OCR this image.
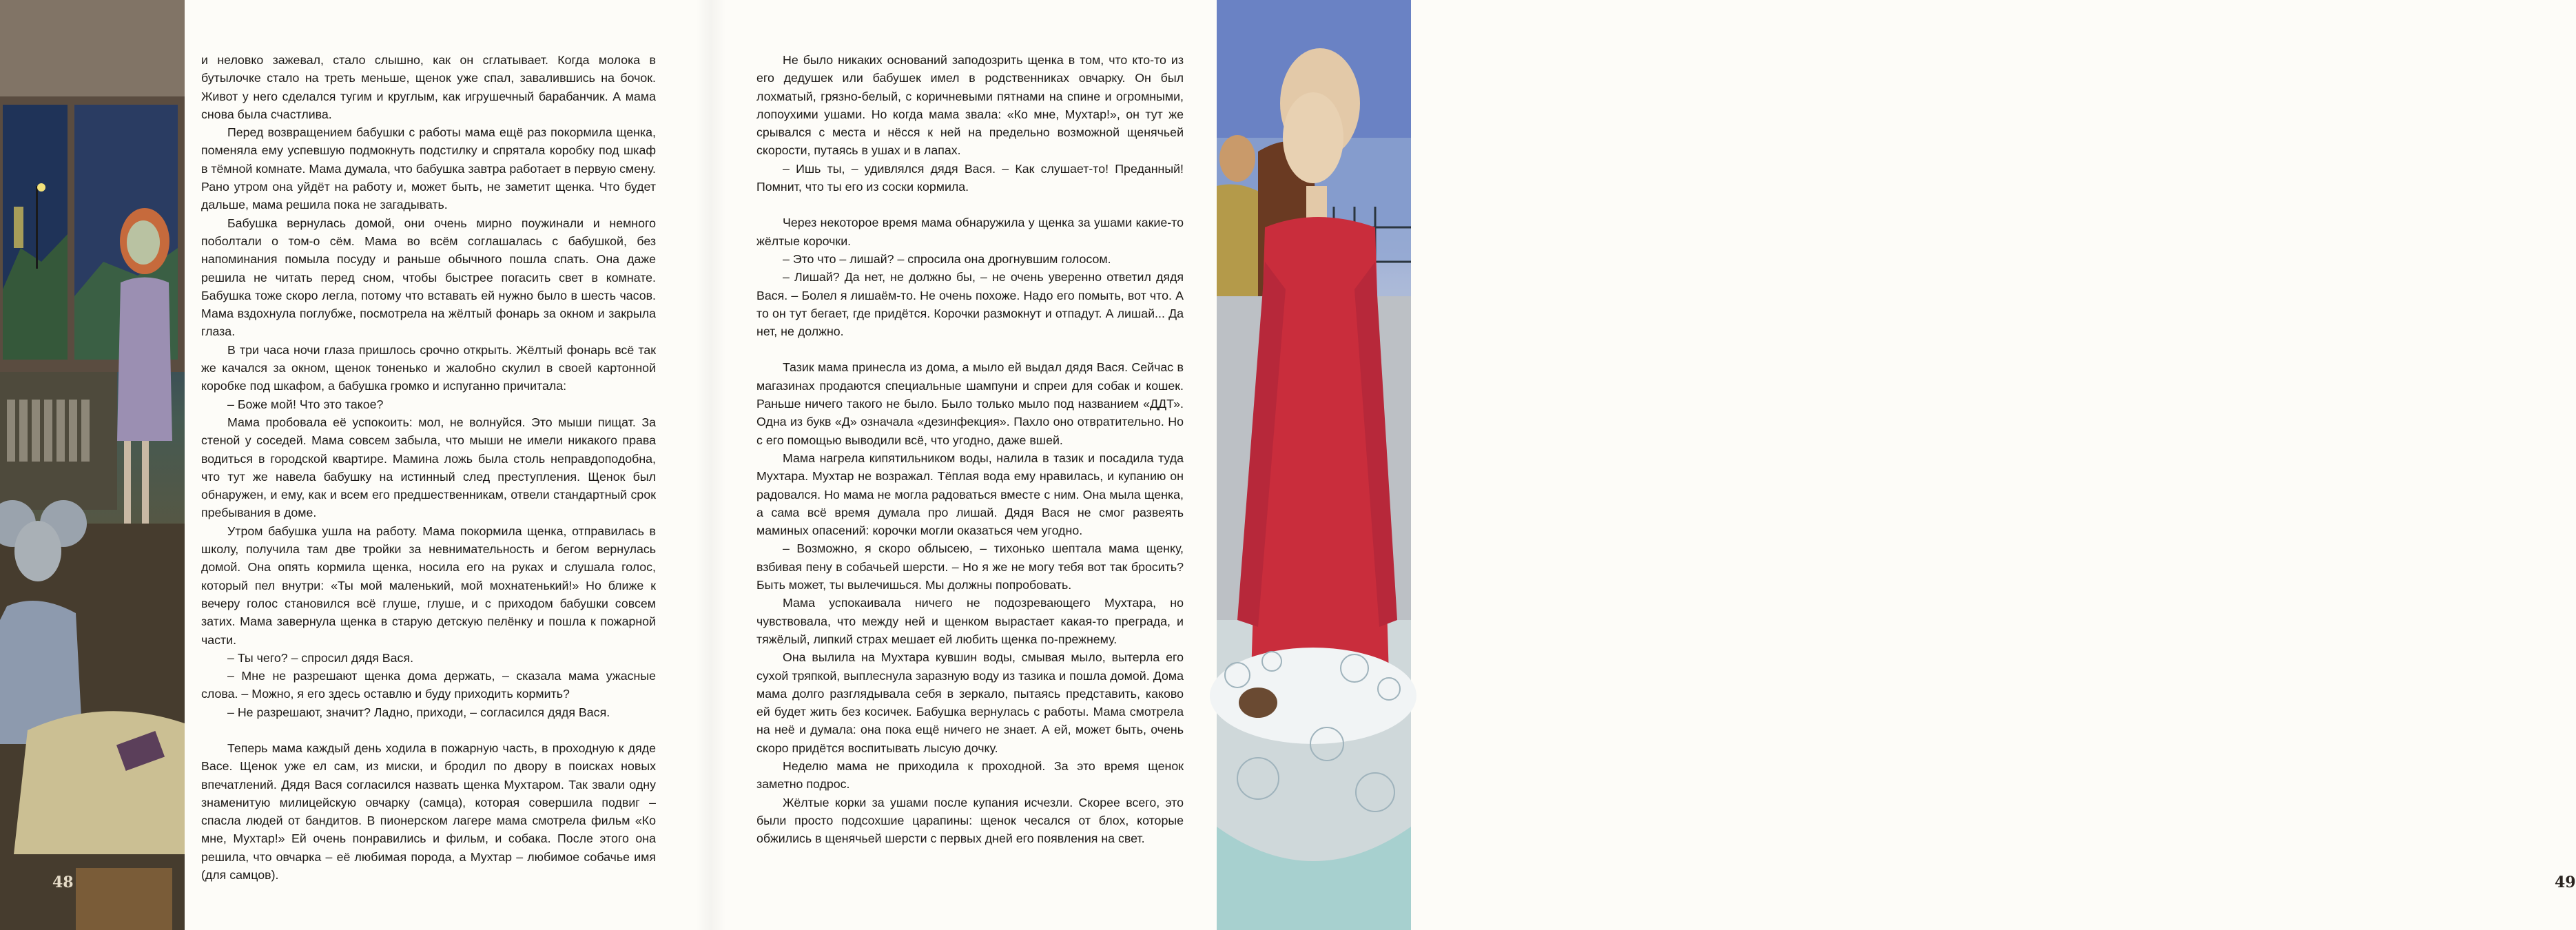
48

и неловко зажевал, стало слышно, как он сглатывает. Когда молока в бутылочке стало на треть меньше, щенок уже спал, завалившись на бочок. Живот у него сделался тугим и круглым, как игрушечный барабанчик. А мама снова была счастлива.

Перед возвращением бабушки с работы мама ещё раз покормила щенка, поменяла ему успевшую подмокнуть подстилку и спрятала коробку под шкаф в тёмной комнате. Мама думала, что бабушка завтра работает в первую смену. Рано утром она уйдёт на работу и, может быть, не заметит щенка. Что будет дальше, мама решила пока не загадывать.

Бабушка вернулась домой, они очень мирно поужинали и немного поболтали о том-о сём. Мама во всём соглашалась с бабушкой, без напоминания помыла посуду и раньше обычного пошла спать. Она даже решила не читать перед сном, чтобы быстрее погасить свет в комнате. Бабушка тоже скоро легла, потому что вставать ей нужно было в шесть часов. Мама вздохнула поглубже, посмотрела на жёлтый фонарь за окном и закрыла глаза.

В три часа ночи глаза пришлось срочно открыть. Жёлтый фонарь всё так же качался за окном, щенок тоненько и жалобно скулил в своей картонной коробке под шкафом, а бабушка громко и испуганно причитала:

– Боже мой! Что это такое?

Мама пробовала её успокоить: мол, не волнуйся. Это мыши пищат. За стеной у соседей. Мама совсем забыла, что мыши не имели никакого права водиться в городской квартире. Мамина ложь была столь неправдоподобна, что тут же навела бабушку на истинный след преступления. Щенок был обнаружен, и ему, как и всем его предшественникам, отвели стандартный срок пребывания в доме.

Утром бабушка ушла на работу. Мама покормила щенка, отправилась в школу, получила там две тройки за невнимательность и бегом вернулась домой. Она опять кормила щенка, носила его на руках и слушала голос, который пел внутри: «Ты мой маленький, мой мохнатенький!» Но ближе к вечеру голос становился всё глуше, глуше, и с приходом бабушки совсем затих. Мама завернула щенка в старую детскую пелёнку и пошла к пожарной части.

– Ты чего? – спросил дядя Вася.

– Мне не разрешают щенка дома держать, – сказала мама ужасные слова. – Можно, я его здесь оставлю и буду приходить кормить?

– Не разрешают, значит? Ладно, приходи, – согласился дядя Вася.

Теперь мама каждый день ходила в пожарную часть, в проходную к дяде Васе. Щенок уже ел сам, из миски, и бродил по двору в поисках новых впечатлений. Дядя Вася согласился назвать щенка Мухтаром. Так звали одну знаменитую милицейскую овчарку (самца), которая совершила подвиг – спасла людей от бандитов. В пионерском лагере мама смотрела фильм «Ко мне, Мухтар!» Ей очень понравились и фильм, и собака. После этого она решила, что овчарка – её любимая порода, а Мухтар – любимое собачье имя (для самцов).

Не было никаких оснований заподозрить щенка в том, что кто-то из его дедушек или бабушек имел в родственниках овчарку. Он был лохматый, грязно-белый, с коричневыми пятнами на спине и огромными, лопоухими ушами. Но когда мама звала: «Ко мне, Мухтар!», он тут же срывался с места и нёсся к ней на предельно возможной щенячьей скорости, путаясь в ушах и в лапах.

– Ишь ты, – удивлялся дядя Вася. – Как слушает-то! Преданный! Помнит, что ты его из соски кормила.

Через некоторое время мама обнаружила у щенка за ушами какие-то жёлтые корочки.

– Это что – лишай? – спросила она дрогнувшим голосом.

– Лишай? Да нет, не должно бы, – не очень уверенно ответил дядя Вася. – Болел я лишаём-то. Не очень похоже. Надо его помыть, вот что. А то он тут бегает, где придётся. Корочки размокнут и отпадут. А лишай... Да нет, не должно.

Тазик мама принесла из дома, а мыло ей выдал дядя Вася. Сейчас в магазинах продаются специальные шампуни и спреи для собак и кошек. Раньше ничего такого не было. Было только мыло под названием «ДДТ». Одна из букв «Д» означала «дезинфекция». Пахло оно отвратительно. Но с его помощью выводили всё, что угодно, даже вшей.

Мама нагрела кипятильником воды, налила в тазик и посадила туда Мухтара. Мухтар не возражал. Тёплая вода ему нравилась, и купанию он радовался. Но мама не могла радоваться вместе с ним. Она мыла щенка, а сама всё время думала про лишай. Дядя Вася не смог развеять маминых опасений: корочки могли оказаться чем угодно.

– Возможно, я скоро облысею, – тихонько шептала мама щенку, взбивая пену в собачьей шерсти. – Но я же не могу тебя вот так бросить? Быть может, ты вылечишься. Мы должны попробовать.

Мама успокаивала ничего не подозревающего Мухтара, но чувствовала, что между ней и щенком вырастает какая-то преграда, и тяжёлый, липкий страх мешает ей любить щенка по-прежнему.

Она вылила на Мухтара кувшин воды, смывая мыло, вытерла его сухой тряпкой, выплеснула заразную воду из тазика и пошла домой. Дома мама долго разглядывала себя в зеркало, пытаясь представить, каково ей будет жить без косичек. Бабушка вернулась с работы. Мама смотрела на неё и думала: она пока ещё ничего не знает. А ей, может быть, очень скоро придётся воспитывать лысую дочку.

Неделю мама не приходила к проходной. За это время щенок заметно подрос.

Жёлтые корки за ушами после купания исчезли. Скорее всего, это были просто подсохшие царапины: щенок чесался от блох, которые обжились в щенячьей шерсти с первых дней его появления на свет.

49
